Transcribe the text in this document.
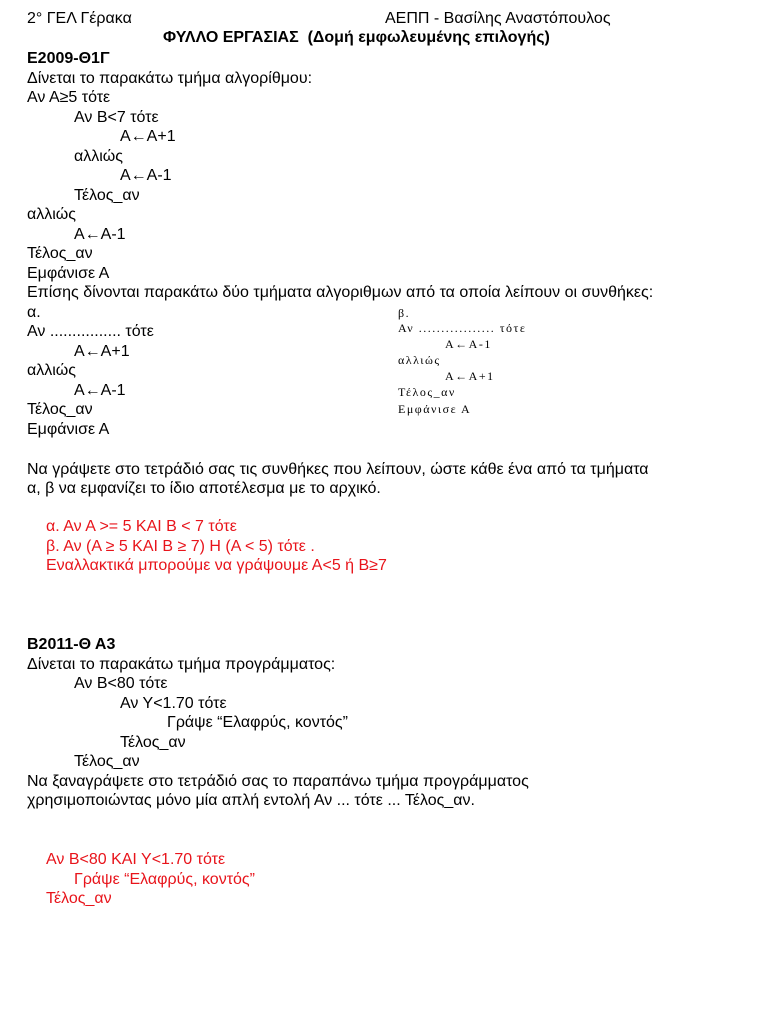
2° ΓΕΛ Γέρακα	ΑΕΠΠ - Βασίλης Αναστόπουλος
ΦΥΛΛΟ ΕΡΓΑΣΙΑΣ  (Δομή εμφωλευμένης επιλογής)
Ε2009-Θ1Γ
Δίνεται το παρακάτω τμήμα αλγορίθμου:
Αν Α≥5 τότε
Αν Β<7 τότε
Α←Α+1
αλλιώς
Α←Α-1
Τέλος_αν
αλλιώς
Α←Α-1
Τέλος_αν
Εμφάνισε Α
Επίσης δίνονται παρακάτω δύο τμήματα αλγοριθμων από τα οποία λείπουν οι συνθήκες:
α.
Αν ................ τότε
Α←Α+1
αλλιώς
Α←Α-1
Τέλος_αν
Εμφάνισε Α
β.
Αν ................. τότε
Α←Α-1
αλλιώς
Α←Α+1
Τέλος_αν
Εμφάνισε Α
Να γράψετε στο τετράδιό σας τις συνθήκες που λείπουν, ώστε κάθε ένα από τα τμήματα
α, β να εμφανίζει το ίδιο αποτέλεσμα με το αρχικό.
α. Αν Α >= 5 ΚΑΙ Β < 7 τότε
β. Αν (Α ≥ 5 ΚΑΙ Β ≥ 7) Η (Α < 5) τότε .
Εναλλακτικά μπορούμε να γράψουμε Α<5 ή Β≥7
Β2011-Θ Α3
Δίνεται το παρακάτω τμήμα προγράμματος:
Αν Β<80 τότε
Αν Υ<1.70 τότε
Γράψε “Ελαφρύς, κοντός”
Τέλος_αν
Τέλος_αν
Να ξαναγράψετε στο τετράδιό σας το παραπάνω τμήμα προγράμματος
χρησιμοποιώντας μόνο μία απλή εντολή Αν ... τότε ... Τέλος_αν.
Αν Β<80 ΚΑΙ Υ<1.70 τότε
Γράψε “Ελαφρύς, κοντός”
Τέλος_αν
